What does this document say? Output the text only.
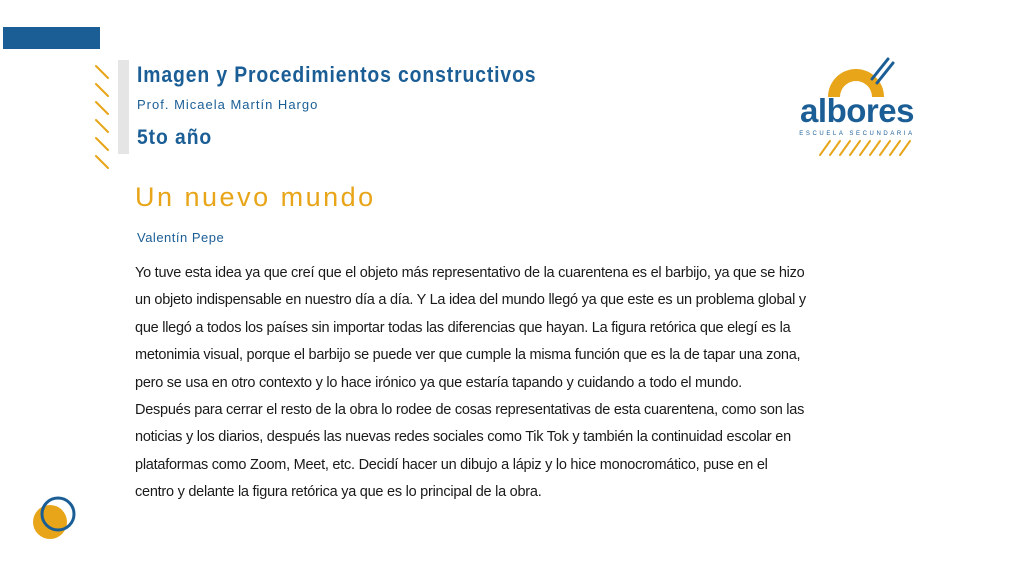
Imagen y Procedimientos constructivos
Prof. Micaela Martín Hargo
5to año
albores
ESCUELA SECUNDARIA
Un nuevo mundo
Valentín Pepe

Yo tuve esta idea ya que creí que el objeto más representativo de la cuarentena es el barbijo, ya que se hizo

un objeto indispensable en nuestro día a día. Y La idea del mundo llegó ya que este es un problema global y

que llegó a todos los países sin importar todas las diferencias que hayan. La figura retórica que elegí es la

metonimia visual, porque el barbijo se puede ver que cumple la misma función que es la de tapar una zona,

pero se usa en otro contexto y lo hace irónico ya que estaría tapando y cuidando a todo el mundo.

Después para cerrar el resto de la obra lo rodee de cosas representativas de esta cuarentena, como son las

noticias y los diarios, después las nuevas redes sociales como Tik Tok y también la continuidad escolar en

plataformas como Zoom, Meet, etc. Decidí hacer un dibujo a lápiz y lo hice monocromático, puse en el

centro y delante la figura retórica ya que es lo principal de la obra.
